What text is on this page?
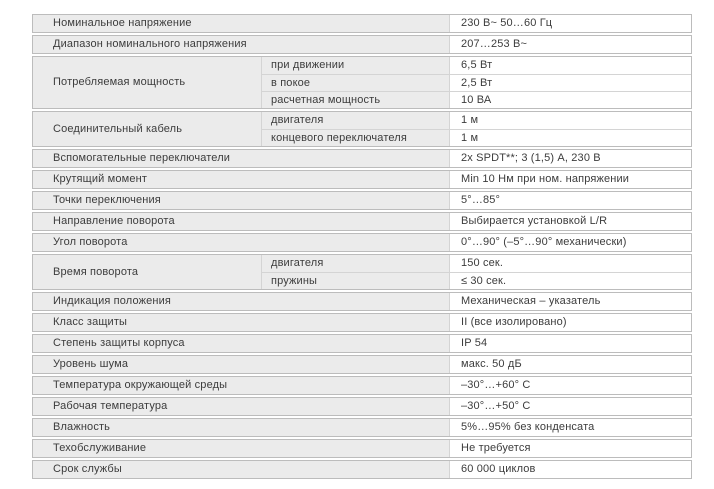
Номинальное напряжение	230 В~ 50…60 Гц
Диапазон номинального напряжения	207…253 В~
Потребляемая мощность
при движении	6,5 Вт
в покое	2,5 Вт
расчетная мощность	10 ВА
Соединительный кабель
двигателя	1 м
концевого переключателя	1 м
Вспомогательные переключатели	2x SPDT**; 3 (1,5) А, 230 В
Крутящий момент	Min 10 Нм при ном. напряжении
Точки переключения	5°…85°
Направление поворота	Выбирается установкой L/R
Угол поворота	0°…90° (–5°…90° механически)
Время поворота
двигателя	150 сек.
пружины	≤ 30 сек.
Индикация положения	Механическая – указатель
Класс защиты	II (все изолировано)
Степень защиты корпуса	IP 54
Уровень шума	макс. 50 дБ
Температура окружающей среды	–30°…+60° C
Рабочая температура	–30°…+50° C
Влажность	5%…95% без конденсата
Техобслуживание	Не требуется
Срок службы	60 000 циклов
